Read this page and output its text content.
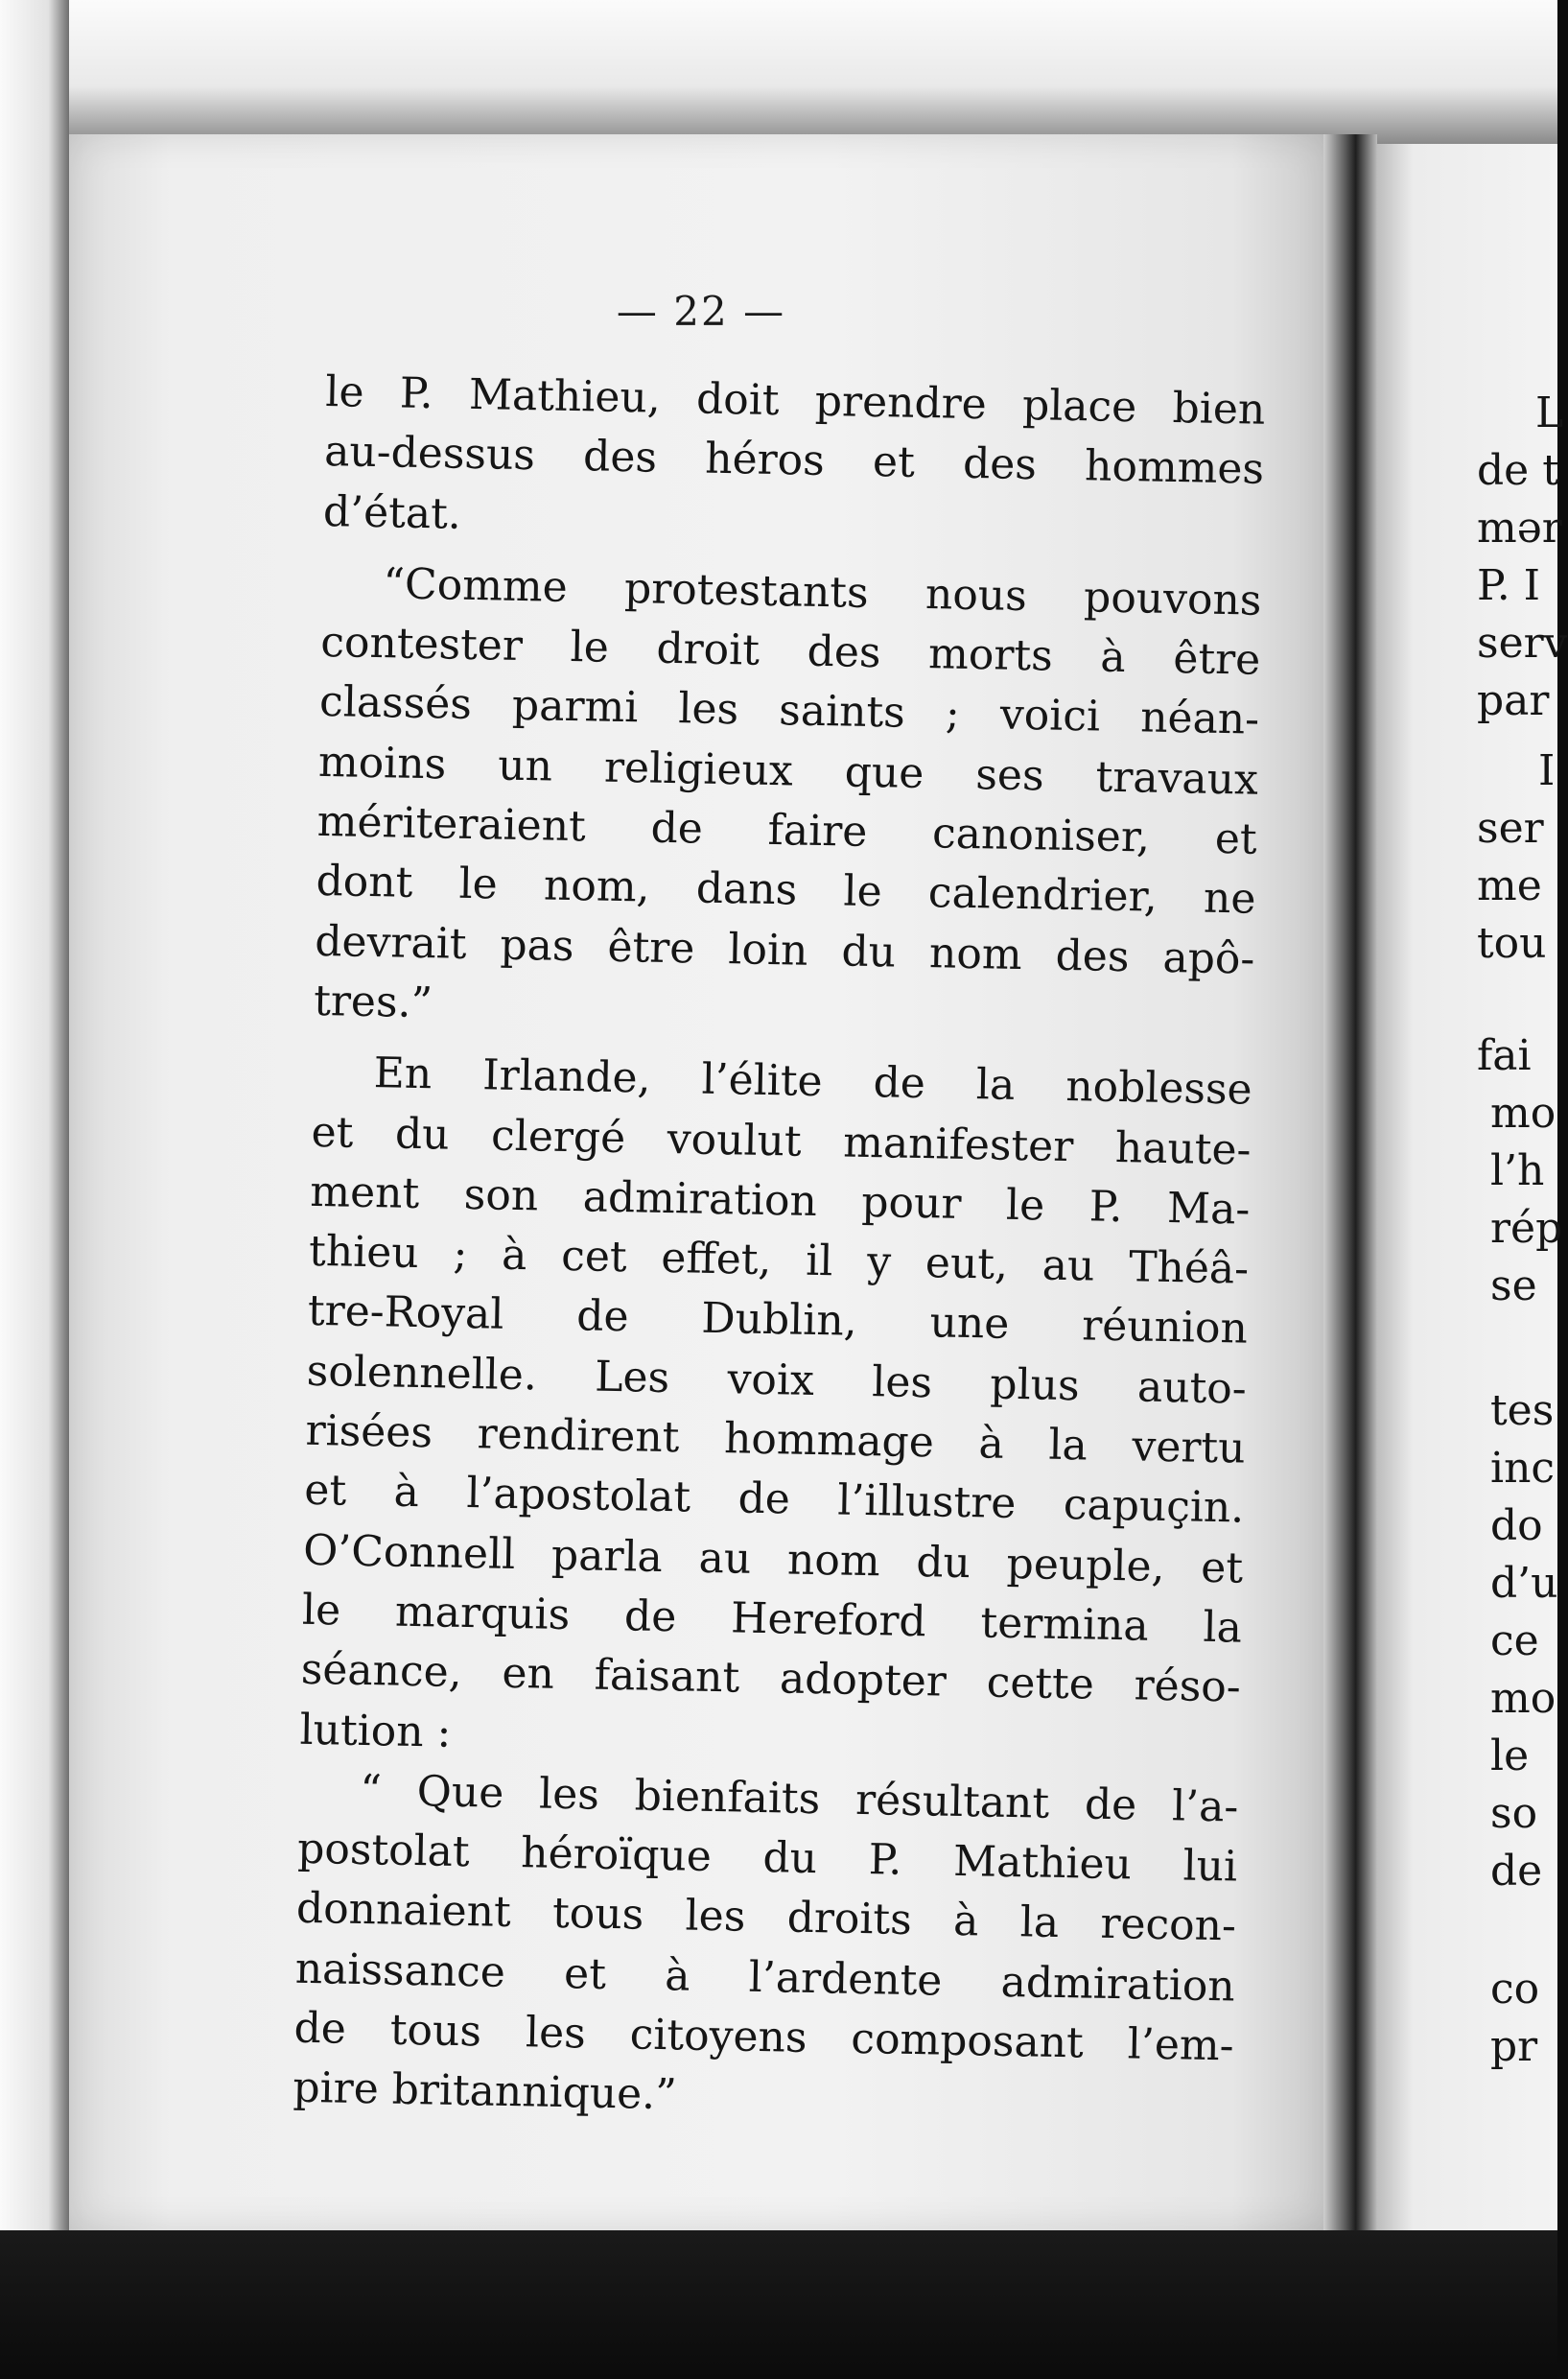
— 22 —
le P. Mathieu, doit prendre place bien
au-dessus des héros et des hommes
d’état.
“Comme protestants nous pouvons
contester le droit des morts à être
classés parmi les saints ; voici néan-
moins un religieux que ses travaux
mériteraient de faire canoniser, et
dont le nom, dans le calendrier, ne
devrait pas être loin du nom des apô-
tres.”
En Irlande, l’élite de la noblesse
et du clergé voulut manifester haute-
ment son admiration pour le P. Ma-
thieu ; à cet effet, il y eut, au Théâ-
tre-Royal de Dublin, une réunion
solennelle. Les voix les plus auto-
risées rendirent hommage à la vertu
et à l’apostolat de l’illustre capuçin.
O’Connell parla au nom du peuple, et
le marquis de Hereford termina la
séance, en faisant adopter cette réso-
lution :
“ Que les bienfaits résultant de l’a-
postolat héroïque du P. Mathieu lui
donnaient tous les droits à la recon-
naissance et à l’ardente admiration
de tous les citoyens composant l’em-
pire britannique.”
L
de t
mər
P. I
serv
par
I
ser
me
tou
fai
mo
l’h
rép
se
tes
inc
do
d’u
ce
mo
le
so
de
co
pr
